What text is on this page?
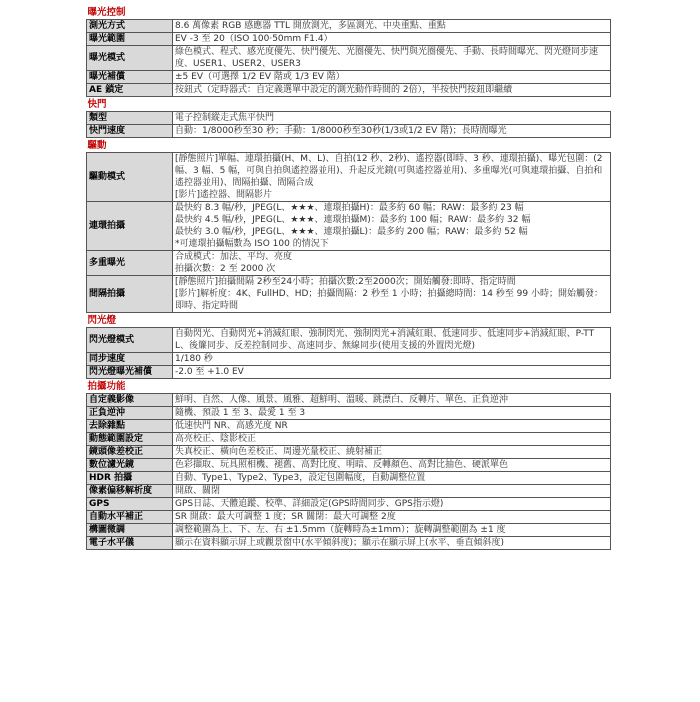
曝光控制	
測光方式	8.6 萬像素 RGB 感應器 TTL 開放測光，多區測光、中央重點、重點
曝光範圍	EV -3 至 20（ISO 100·50mm F1.4）
曝光模式	綠色模式、程式、感光度優先、快門優先、光圈優先、快門與光圈優先、手動、長時間曝光、閃光燈同步速度、USER1、USER2、USER3
曝光補償	±5 EV（可選擇 1/2 EV 階或 1/3 EV 階）
AE 鎖定	按鈕式（定時器式：自定義選單中設定的測光動作時間的 2倍），半按快門按鈕即繼續
快門	
類型	電子控制縱走式焦平快門
快門速度	自動：1/8000秒至30 秒；手動：1/8000秒至30秒(1/3或1/2 EV 階)；長時間曝光
驅動	
驅動模式	[靜態照片]單幅、連環拍攝(H、M、L)、自拍(12 秒、2秒)、遙控器(即時、3 秒、連環拍攝)、曝光包圍：(2 幅、3 幅、5 幅，可與自拍與遙控器並用)、升起反光鏡(可與遙控器並用)、多重曝光(可與連環拍攝、自拍和遙控器並用)、間隔拍攝、間隔合成
[影片]遙控器、間隔影片

連環拍攝	最快約 8.3 幅/秒，JPEG(L、★★★、連環拍攝H)：最多約 60 幅；RAW：最多約 23 幅
最快約 4.5 幅/秒，JPEG(L、★★★、連環拍攝M)：最多約 100 幅；RAW：最多約 32 幅
最快約 3.0 幅/秒，JPEG(L、★★★、連環拍攝L)：最多約 200 幅；RAW：最多約 52 幅
*可連環拍攝幅數為 ISO 100 的情況下

多重曝光	合成模式：加法、平均、亮度
拍攝次數：2 至 2000 次

間隔拍攝	[靜態照片]拍攝間隔 2秒至24小時；拍攝次數:2至2000次；開始觸發:即時、指定時間
[影片]解析度：4K、FullHD、HD；拍攝間隔：2 秒至 1 小時；拍攝總時間：14 秒至 99 小時；開始觸發：即時、指定時間

閃光燈	
閃光燈模式	自動閃光、自動閃光+消減紅眼、強制閃光、強制閃光+消減紅眼、低速同步、低速同步+消減紅眼、P-TTL、後簾同步、反差控制同步、高速同步、無線同步(使用支援的外置閃光燈)
同步速度	1/180 秒
閃光燈曝光補償	-2.0 至 +1.0 EV
拍攝功能	
自定義影像	鮮明、自然、人像、風景、風雅、超鮮明、溫暖、跳漂白、反轉片、單色、正負逆沖
正負逆沖	隨機、預設 1 至 3、最愛 1 至 3
去除雜點	低速快門 NR、高感光度 NR
動態範圍設定	高亮校正、陰影校正
鏡頭像差校正	失真校正、橫向色差校正、周邊光量校正、繞射補正
數位濾光鏡	色彩擷取、玩具照相機、褪舊、高對比度、明暗、反轉顏色、高對比抽色、硬派單色
HDR 拍攝	自動、Type1、Type2、Type3，設定包圍幅度，自動調整位置
像素偏移解析度	開啟、關閉
GPS	GPS日誌、天體追蹤、校準、詳細設定(GPS時間同步、GPS指示燈)
自動水平補正	SR 開啟：最大可調整 1 度；SR 關閉：最大可調整 2度
構圖微調	調整範圍為上、下、左、右 ±1.5mm（旋轉時為±1mm）；旋轉調整範圍為 ±1 度
電子水平儀	顯示在資料顯示屏上或觀景窗中(水平傾斜度)；顯示在顯示屏上(水平、垂直傾斜度)
